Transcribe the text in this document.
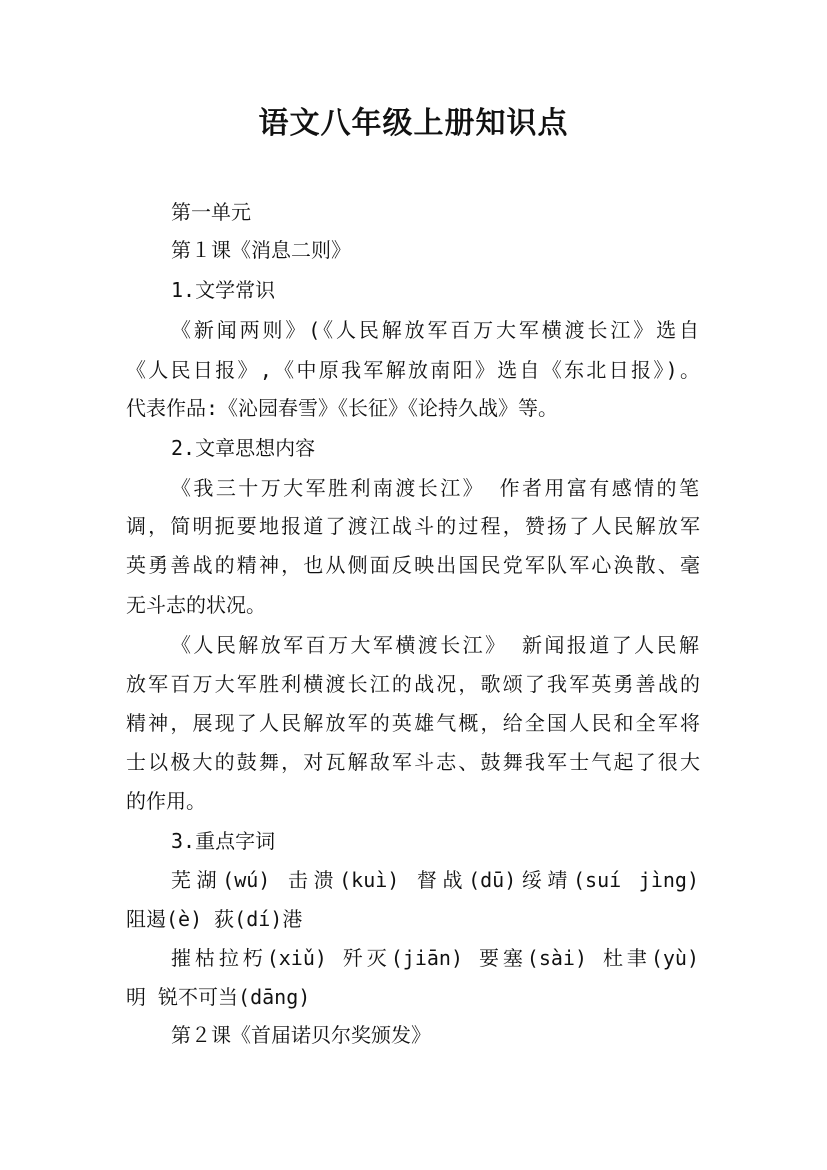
语文八年级上册知识点
第一单元
第１课《消息二则》
1.文学常识
《新闻两则》(《人民解放军百万大军横渡长江》选自
《人民日报》,《中原我军解放南阳》选自《东北日报》)。
代表作品:《沁园春雪》《长征》《论持久战》等。
2.文章思想内容
《我三十万大军胜利南渡长江》 作者用富有感情的笔
调，简明扼要地报道了渡江战斗的过程，赞扬了人民解放军
英勇善战的精神，也从侧面反映出国民党军队军心涣散、毫
无斗志的状况。
《人民解放军百万大军横渡长江》 新闻报道了人民解
放军百万大军胜利横渡长江的战况，歌颂了我军英勇善战的
精神，展现了人民解放军的英雄气概，给全国人民和全军将
士以极大的鼓舞，对瓦解敌军斗志、鼓舞我军士气起了很大
的作用。
3.重点字词
芜湖(wú) 击溃(kuì) 督战(dū)绥靖(suí jìng)
阻遏(è) 荻(dí)港
摧枯拉朽(xiǔ) 歼灭(jiān) 要塞(sài) 杜聿(yù)
明 锐不可当(dāng)
第２课《首届诺贝尔奖颁发》
